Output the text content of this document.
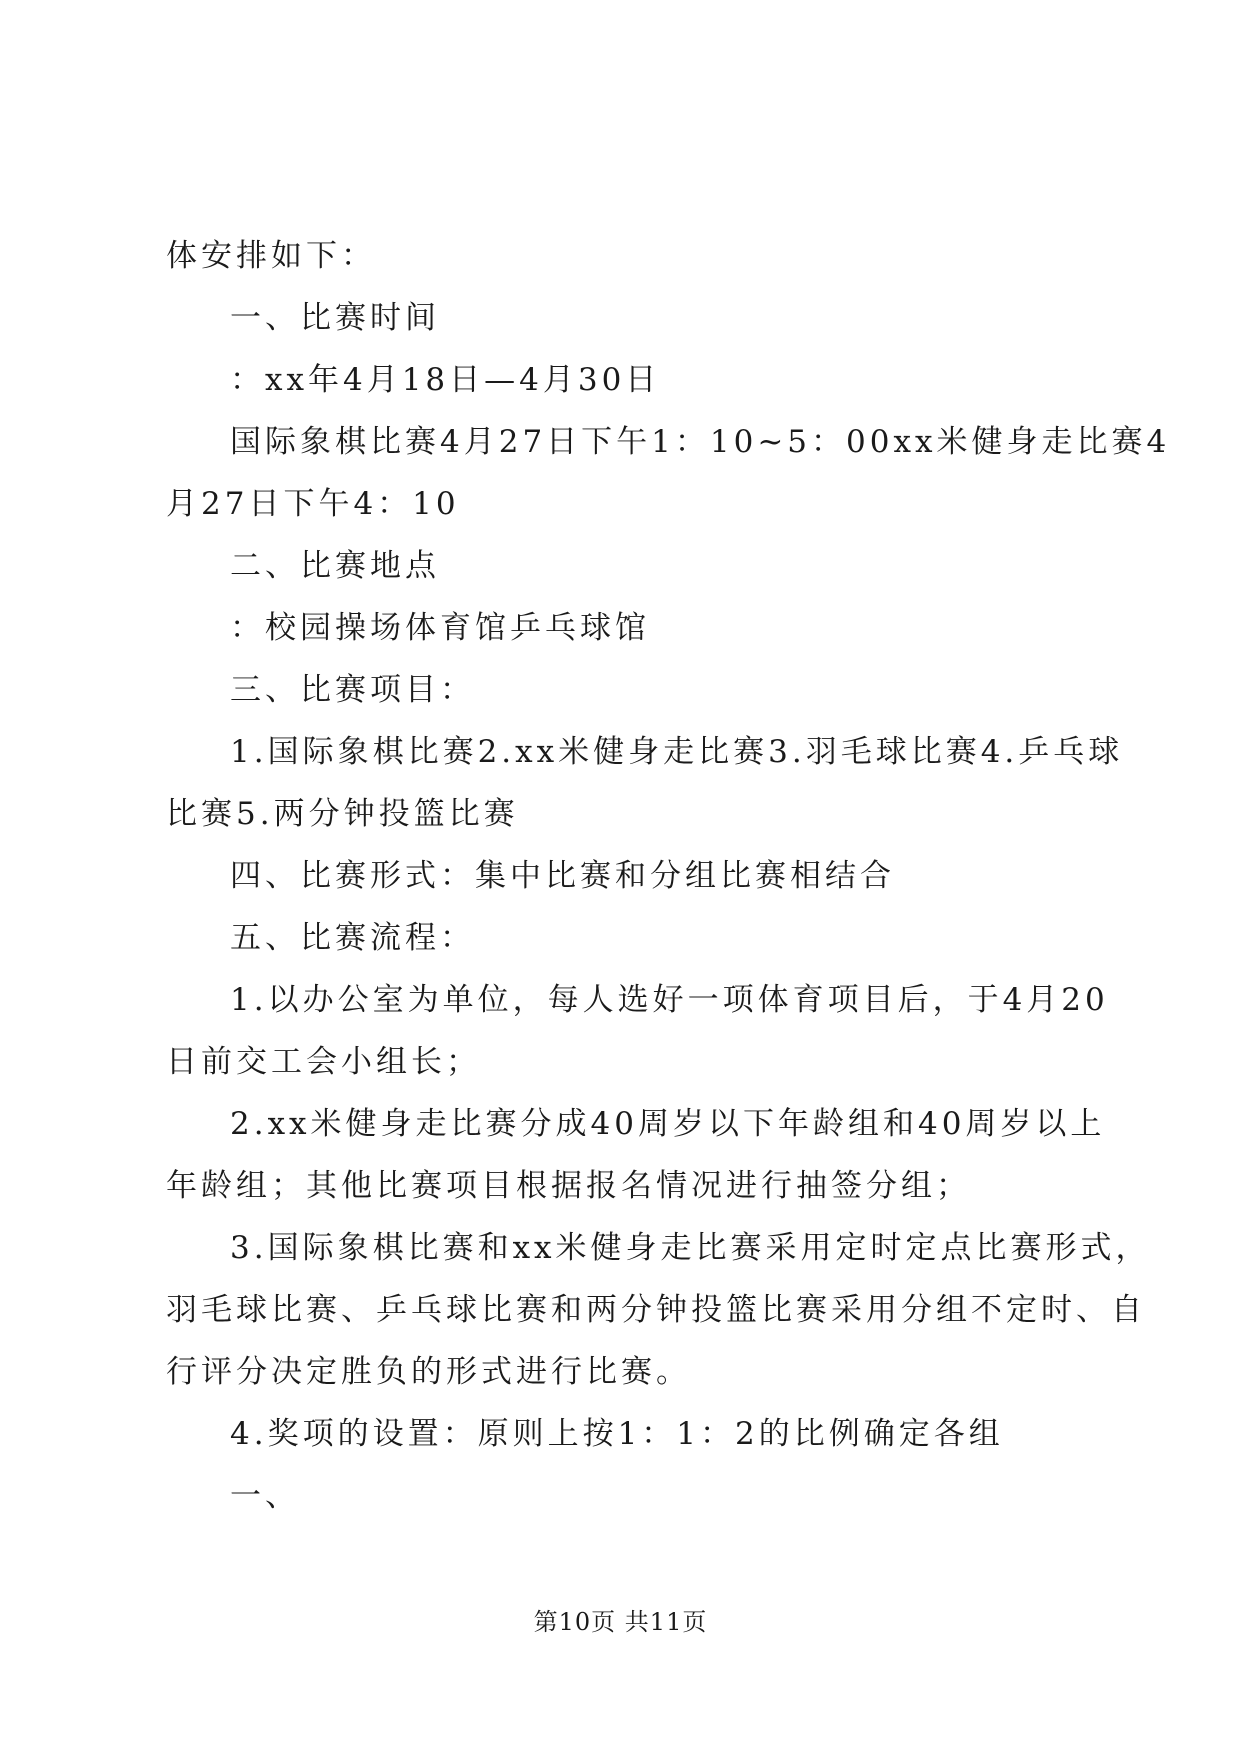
体安排如下：
一、比赛时间
：xx年4月18日—4月30日
国际象棋比赛4月27日下午1：10~5：00xx米健身走比赛4
月27日下午4：10
二、比赛地点
：校园操场体育馆乒乓球馆
三、比赛项目：
1.国际象棋比赛2.xx米健身走比赛3.羽毛球比赛4.乒乓球
比赛5.两分钟投篮比赛
四、比赛形式：集中比赛和分组比赛相结合
五、比赛流程：
1.以办公室为单位，每人选好一项体育项目后，于4月20
日前交工会小组长；
2.xx米健身走比赛分成40周岁以下年龄组和40周岁以上
年龄组；其他比赛项目根据报名情况进行抽签分组；
3.国际象棋比赛和xx米健身走比赛采用定时定点比赛形式，
羽毛球比赛、乒乓球比赛和两分钟投篮比赛采用分组不定时、自
行评分决定胜负的形式进行比赛。
4.奖项的设置：原则上按1：1：2的比例确定各组
一、
第10页 共11页
